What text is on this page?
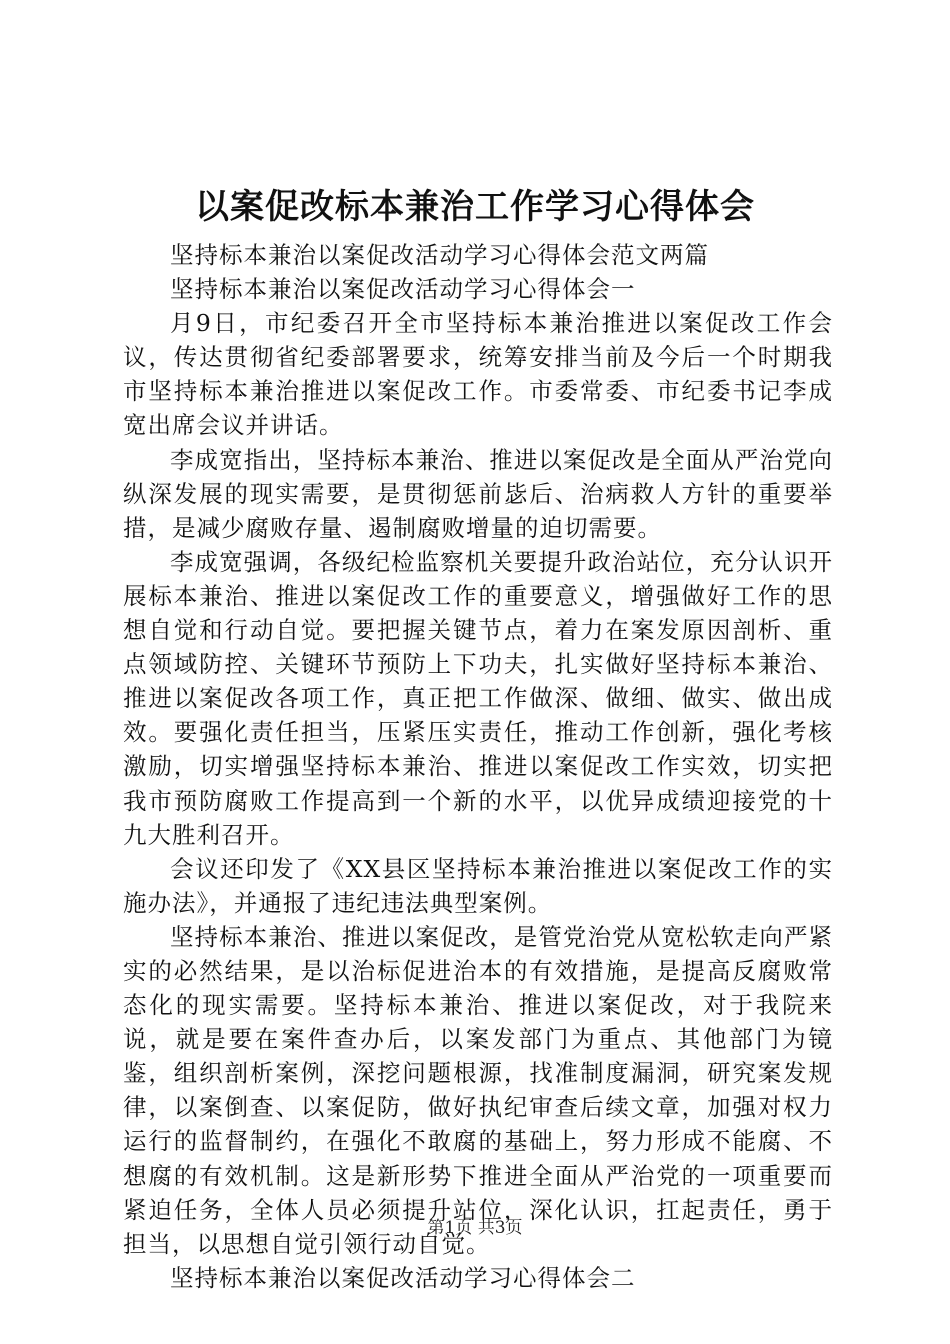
以案促改标本兼治工作学习心得体会

坚持标本兼治以案促改活动学习心得体会范文两篇

坚持标本兼治以案促改活动学习心得体会一

月9日，市纪委召开全市坚持标本兼治推进以案促改工作会议，传达贯彻省纪委部署要求，统筹安排当前及今后一个时期我市坚持标本兼治推进以案促改工作。市委常委、市纪委书记李成宽出席会议并讲话。

李成宽指出，坚持标本兼治、推进以案促改是全面从严治党向纵深发展的现实需要，是贯彻惩前毖后、治病救人方针的重要举措，是减少腐败存量、遏制腐败增量的迫切需要。

李成宽强调，各级纪检监察机关要提升政治站位，充分认识开展标本兼治、推进以案促改工作的重要意义，增强做好工作的思想自觉和行动自觉。要把握关键节点，着力在案发原因剖析、重点领域防控、关键环节预防上下功夫，扎实做好坚持标本兼治、推进以案促改各项工作，真正把工作做深、做细、做实、做出成效。要强化责任担当，压紧压实责任，推动工作创新，强化考核激励，切实增强坚持标本兼治、推进以案促改工作实效，切实把我市预防腐败工作提高到一个新的水平，以优异成绩迎接党的十九大胜利召开。

会议还印发了《XX县区坚持标本兼治推进以案促改工作的实施办法》，并通报了违纪违法典型案例。

坚持标本兼治、推进以案促改，是管党治党从宽松软走向严紧实的必然结果，是以治标促进治本的有效措施，是提高反腐败常态化的现实需要。坚持标本兼治、推进以案促改，对于我院来说，就是要在案件查办后，以案发部门为重点、其他部门为镜鉴，组织剖析案例，深挖问题根源，找准制度漏洞，研究案发规律，以案倒查、以案促防，做好执纪审查后续文章，加强对权力运行的监督制约，在强化不敢腐的基础上，努力形成不能腐、不想腐的有效机制。这是新形势下推进全面从严治党的一项重要而紧迫任务，全体人员必须提升站位，深化认识，扛起责任，勇于担当，以思想自觉引领行动自觉。

坚持标本兼治以案促改活动学习心得体会二

第1页 共3页
